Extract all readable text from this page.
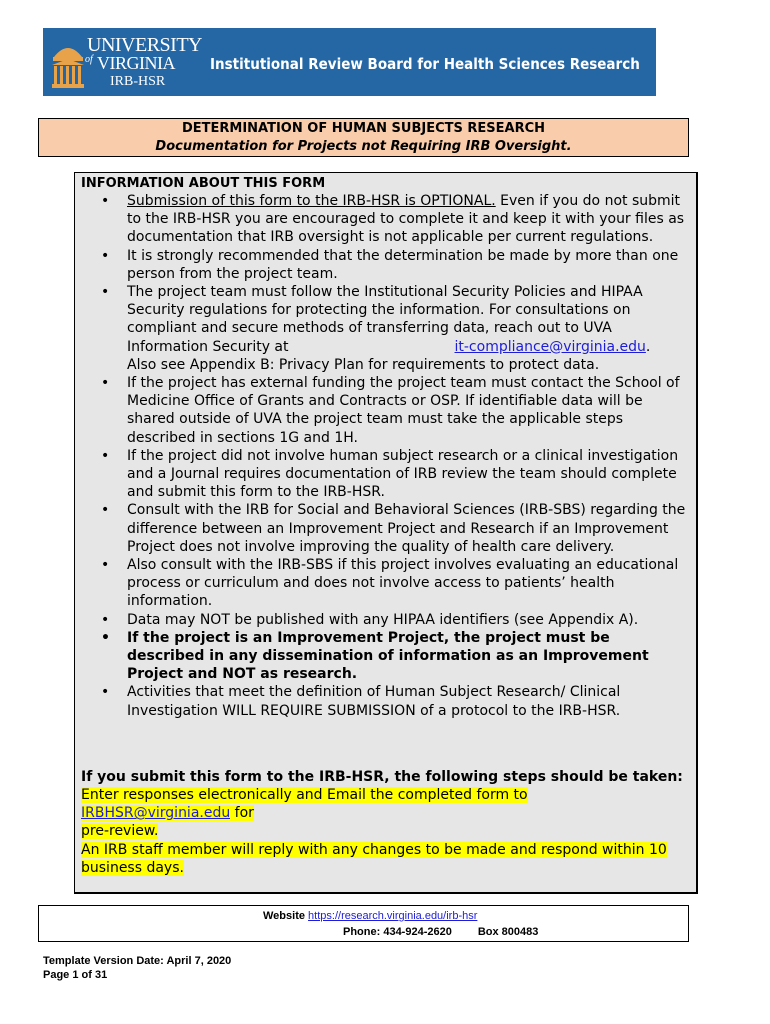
UNIVERSITY
of VIRGINIA
IRB-HSR
Institutional Review Board for Health Sciences Research
DETERMINATION OF HUMAN SUBJECTS RESEARCH
Documentation for Projects not Requiring IRB Oversight.
INFORMATION ABOUT THIS FORM
• Submission of this form to the IRB-HSR is OPTIONAL. Even if you do not submit to the IRB-HSR you are encouraged to complete it and keep it with your files as documentation that IRB oversight is not applicable per current regulations.
• It is strongly recommended that the determination be made by more than one person from the project team.
• The project team must follow the Institutional Security Policies and HIPAA Security regulations for protecting the information. For consultations on compliant and secure methods of transferring data, reach out to UVA Information Security at	it-compliance@virginia.edu.
Also see Appendix B: Privacy Plan for requirements to protect data.
• If the project has external funding the project team must contact the School of Medicine Office of Grants and Contracts or OSP. If identifiable data will be shared outside of UVA the project team must take the applicable steps described in sections 1G and 1H.
• If the project did not involve human subject research or a clinical investigation and a Journal requires documentation of IRB review the team should complete and submit this form to the IRB-HSR.
• Consult with the IRB for Social and Behavioral Sciences (IRB-SBS) regarding the difference between an Improvement Project and Research if an Improvement Project does not involve improving the quality of health care delivery.
• Also consult with the IRB-SBS if this project involves evaluating an educational process or curriculum and does not involve access to patients’ health information.
• Data may NOT be published with any HIPAA identifiers (see Appendix A).
• If the project is an Improvement Project, the project must be described in any dissemination of information as an Improvement Project and NOT as research.
• Activities that meet the definition of Human Subject Research/ Clinical Investigation WILL REQUIRE SUBMISSION of a protocol to the IRB-HSR.
If you submit this form to the IRB-HSR, the following steps should be taken:

Enter responses electronically and Email the completed form to
IRBHSR@virginia.edu for

pre-review.

An IRB staff member will reply with any changes to be made and respond within 10 business days.

Website https://research.virginia.edu/irb-hsr
Phone: 434-924-2620 Box 800483
Template Version Date: April 7, 2020
Page 1 of 31
